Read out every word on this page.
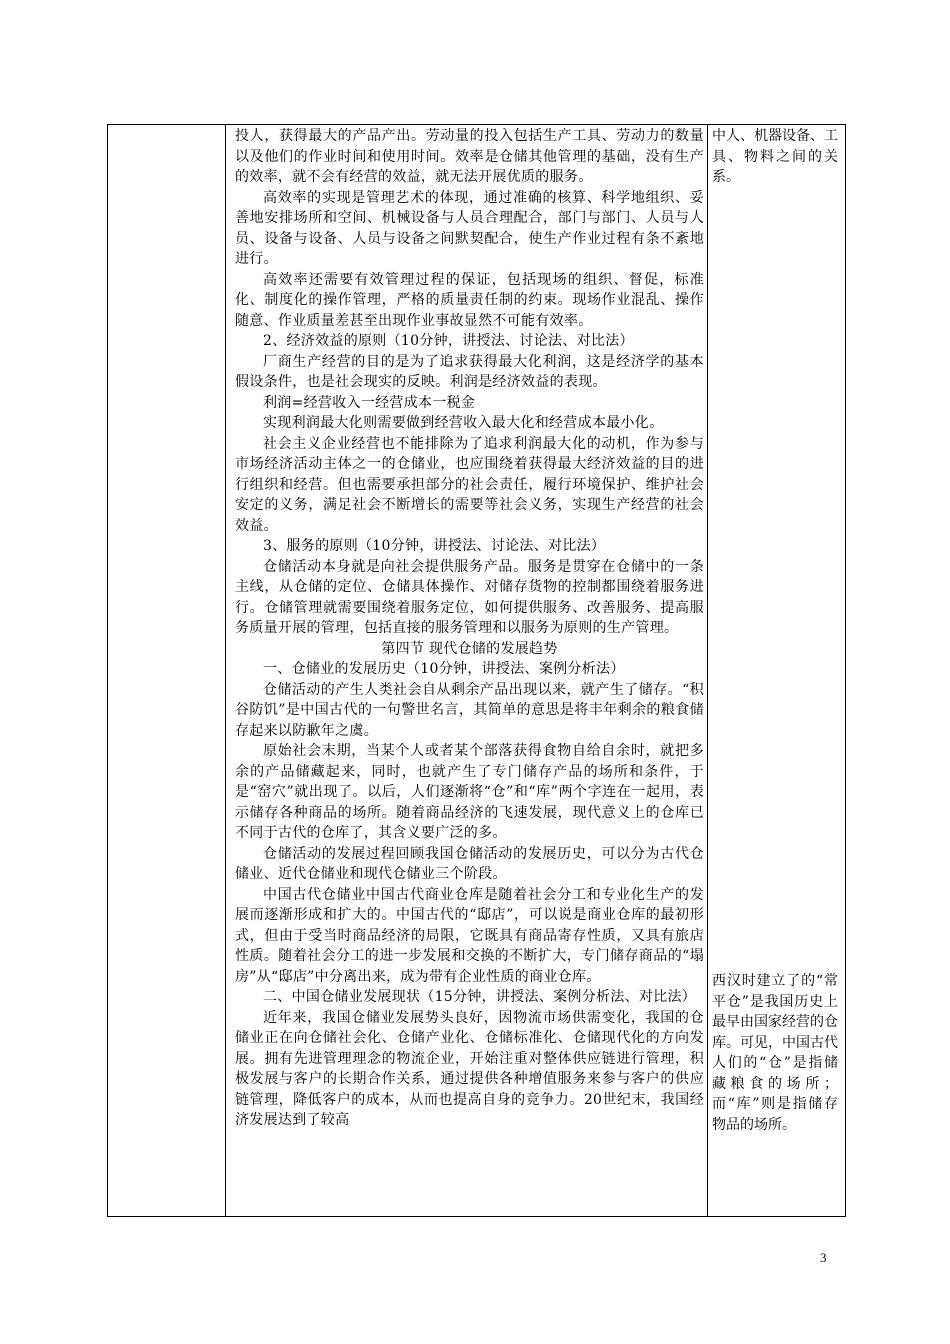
投人，获得最大的产品产出。劳动量的投入包括生产工具、劳动力的数量以及他们的作业时间和使用时间。效率是仓储其他管理的基础，没有生产的效率，就不会有经营的效益，就无法开展优质的服务。

高效率的实现是管理艺术的体现，通过准确的核算、科学地组织、妥善地安排场所和空间、机械设备与人员合理配合，部门与部门、人员与人员、设备与设备、人员与设备之间默契配合，使生产作业过程有条不紊地进行。

高效率还需要有效管理过程的保证，包括现场的组织、督促，标准化、制度化的操作管理，严格的质量责任制的约束。现场作业混乱、操作随意、作业质量差甚至出现作业事故显然不可能有效率。

2、经济效益的原则（10分钟，讲授法、讨论法、对比法）

厂商生产经营的目的是为了追求获得最大化利润，这是经济学的基本假设条件，也是社会现实的反映。利润是经济效益的表现。

利润=经营收入一经营成本一税金

实现利润最大化则需要做到经营收入最大化和经营成本最小化。

社会主义企业经营也不能排除为了追求利润最大化的动机，作为参与市场经济活动主体之一的仓储业，也应围绕着获得最大经济效益的目的进行组织和经营。但也需要承担部分的社会责任，履行环境保护、维护社会安定的义务，满足社会不断增长的需要等社会义务，实现生产经营的社会效益。

3、服务的原则（10分钟，讲授法、讨论法、对比法）

仓储活动本身就是向社会提供服务产品。服务是贯穿在仓储中的一条主线，从仓储的定位、仓储具体操作、对储存货物的控制都围绕着服务进行。仓储管理就需要围绕着服务定位，如何提供服务、改善服务、提高服务质量开展的管理，包括直接的服务管理和以服务为原则的生产管理。

第四节 现代仓储的发展趋势

一、仓储业的发展历史（10分钟，讲授法、案例分析法）

仓储活动的产生人类社会自从剩余产品出现以来，就产生了储存。“积谷防饥”是中国古代的一句警世名言，其简单的意思是将丰年剩余的粮食储存起来以防歉年之虞。

原始社会末期，当某个人或者某个部落获得食物自给自余时，就把多余的产品储藏起来，同时，也就产生了专门储存产品的场所和条件，于是“窑穴”就出现了。以后，人们逐渐将“仓”和“库”两个字连在一起用，表示储存各种商品的场所。随着商品经济的飞速发展，现代意义上的仓库已不同于古代的仓库了，其含义要广泛的多。

仓储活动的发展过程回顾我国仓储活动的发展历史，可以分为古代仓储业、近代仓储业和现代仓储业三个阶段。

中国古代仓储业中国古代商业仓库是随着社会分工和专业化生产的发展而逐渐形成和扩大的。中国古代的“邸店”，可以说是商业仓库的最初形式，但由于受当时商品经济的局限，它既具有商品寄存性质，又具有旅店性质。随着社会分工的进一步发展和交换的不断扩大，专门储存商品的“塌房”从“邸店”中分离出来，成为带有企业性质的商业仓库。

二、中国仓储业发展现状（15分钟，讲授法、案例分析法、对比法）

近年来，我国仓储业发展势头良好，因物流市场供需变化，我国的仓储业正在向仓储社会化、仓储产业化、仓储标准化、仓储现代化的方向发展。拥有先进管理理念的物流企业，开始注重对整体供应链进行管理，积极发展与客户的长期合作关系，通过提供各种增值服务来参与客户的供应链管理，降低客户的成本，从而也提高自身的竞争力。20世纪末，我国经济发展达到了较高

中人、机器设备、工具、物料之间的关系。

西汉时建立了的“常平仓”是我国历史上最早由国家经营的仓库。可见，中国古代人们的“仓”是指储藏粮食的场所；而“库”则是指储存物品的场所。

3
